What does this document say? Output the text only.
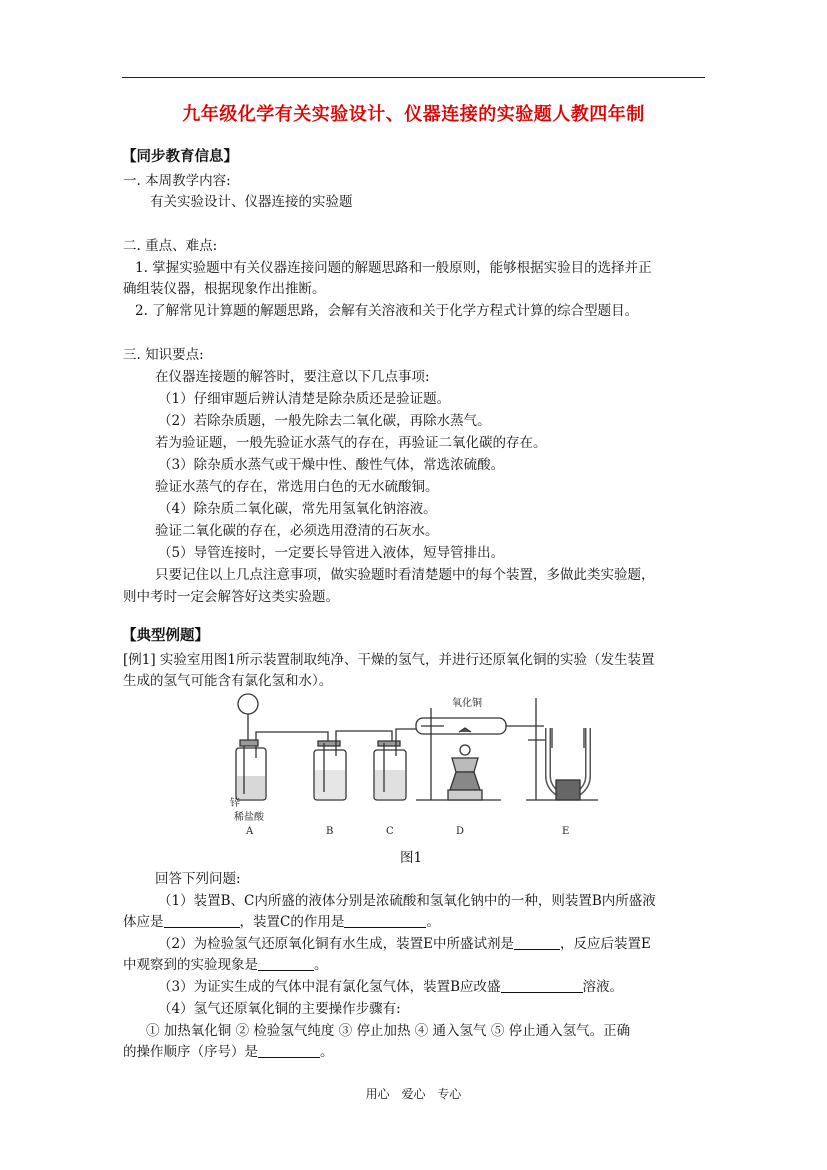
九年级化学有关实验设计、仪器连接的实验题人教四年制
【同步教育信息】
一. 本周教学内容:
有关实验设计、仪器连接的实验题
二. 重点、难点:
1. 掌握实验题中有关仪器连接问题的解题思路和一般原则，能够根据实验目的选择并正
确组装仪器，根据现象作出推断。
2. 了解常见计算题的解题思路，会解有关溶液和关于化学方程式计算的综合型题目。
三. 知识要点:
在仪器连接题的解答时，要注意以下几点事项:
（1）仔细审题后辨认清楚是除杂质还是验证题。
（2）若除杂质题，一般先除去二氧化碳，再除水蒸气。
若为验证题，一般先验证水蒸气的存在，再验证二氧化碳的存在。
（3）除杂质水蒸气或干燥中性、酸性气体，常选浓硫酸。
验证水蒸气的存在，常选用白色的无水硫酸铜。
（4）除杂质二氧化碳，常先用氢氧化钠溶液。
验证二氧化碳的存在，必须选用澄清的石灰水。
（5）导管连接时，一定要长导管进入液体，短导管排出。
只要记住以上几点注意事项，做实验题时看清楚题中的每个装置，多做此类实验题，
则中考时一定会解答好这类实验题。
【典型例题】
[例1] 实验室用图1所示装置制取纯净、干燥的氢气，并进行还原氧化铜的实验（发生装置
生成的氢气可能含有氯化氢和水）。
锌
稀盐酸
氧化铜
A	B	C	D	E
图1
回答下列问题:
（1）装置B、C内所盛的液体分别是浓硫酸和氢氧化钠中的一种，则装置B内所盛液
体应是	，装置C的作用是	。
（2）为检验氢气还原氧化铜有水生成，装置E中所盛试剂是	，反应后装置E
中观察到的实验现象是	。
（3）为证实生成的气体中混有氯化氢气体，装置B应改盛	溶液。
（4）氢气还原氧化铜的主要操作步骤有:
① 加热氧化铜 ② 检验氢气纯度 ③ 停止加热 ④ 通入氢气 ⑤ 停止通入氢气。正确
的操作顺序（序号）是	。
用心 爱心 专心
